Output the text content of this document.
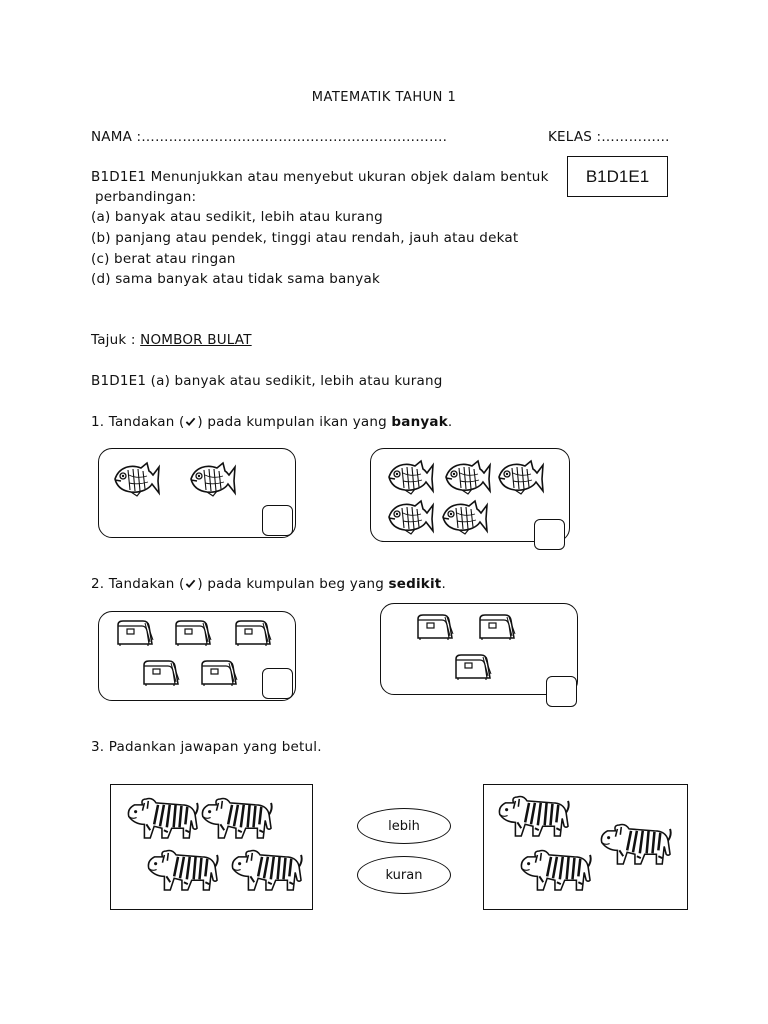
MATEMATIK TAHUN 1
NAMA :………………………………………………………….	KELAS :……………
B1D1E1
B1D1E1 Menunjukkan atau menyebut ukuran objek dalam bentuk
perbandingan:
(a) banyak atau sedikit, lebih atau kurang
(b) panjang atau pendek, tinggi atau rendah, jauh atau dekat
(c) berat atau ringan
(d) sama banyak atau tidak sama banyak
Tajuk : NOMBOR BULAT
B1D1E1 (a) banyak atau sedikit, lebih atau kurang
1. Tandakan ( ) pada kumpulan ikan yang banyak.
2. Tandakan ( ) pada kumpulan beg yang sedikit.
3. Padankan jawapan yang betul.
lebih
kuran
